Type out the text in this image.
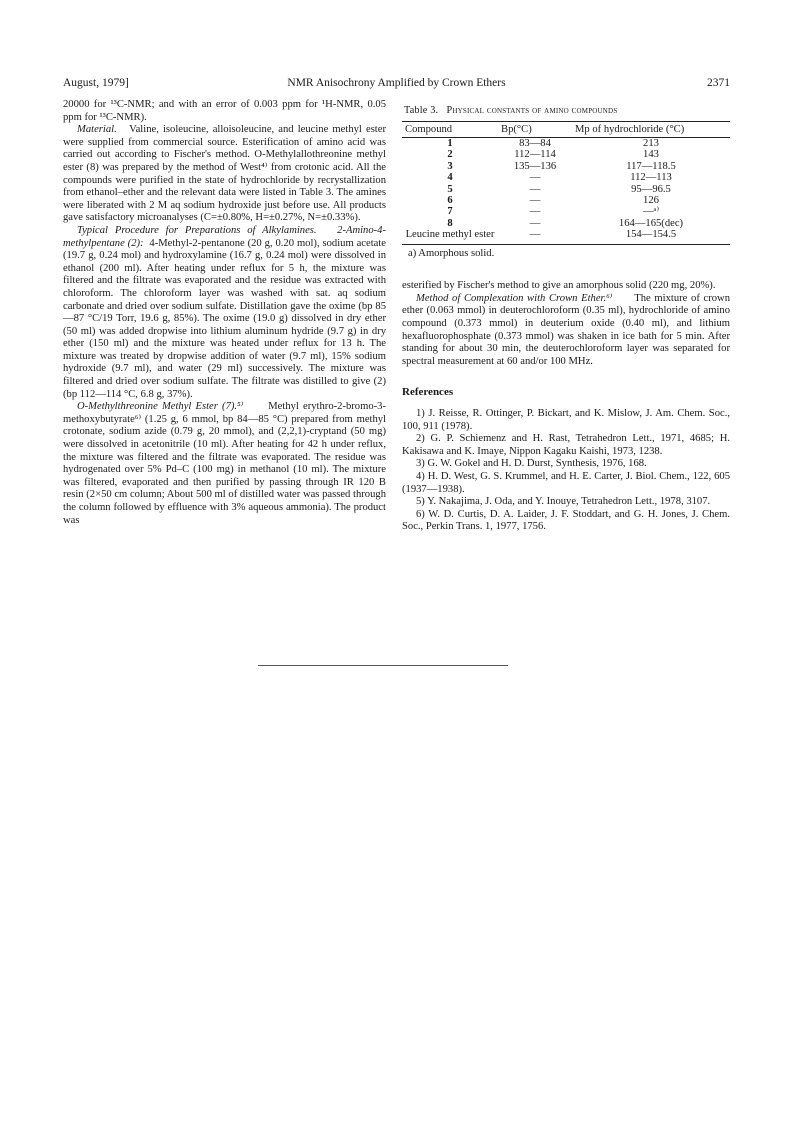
August, 1979]	NMR Anisochrony Amplified by Crown Ethers	2371

20000 for ¹³C-NMR; and with an error of 0.003 ppm for ¹H-NMR, 0.05 ppm for ¹³C-NMR).

Material. Valine, isoleucine, alloisoleucine, and leucine methyl ester were supplied from commercial source. Esterification of amino acid was carried out according to Fischer's method. O-Methylallothreonine methyl ester (8) was prepared by the method of West⁴⁾ from crotonic acid. All the compounds were purified in the state of hydrochloride by recrystallization from ethanol–ether and the relevant data were listed in Table 3. The amines were liberated with 2 M aq sodium hydroxide just before use. All products gave satisfactory microanalyses (C=±0.80%, H=±0.27%, N=±0.33%).

Typical Procedure for Preparations of Alkylamines. 2-Amino-4-methylpentane (2): 4-Methyl-2-pentanone (20 g, 0.20 mol), sodium acetate (19.7 g, 0.24 mol) and hydroxylamine (16.7 g, 0.24 mol) were dissolved in ethanol (200 ml). After heating under reflux for 5 h, the mixture was filtered and the filtrate was evaporated and the residue was extracted with chloroform. The chloroform layer was washed with sat. aq sodium carbonate and dried over sodium sulfate. Distillation gave the oxime (bp 85—87 °C/19 Torr, 19.6 g, 85%). The oxime (19.0 g) dissolved in dry ether (50 ml) was added dropwise into lithium aluminum hydride (9.7 g) in dry ether (150 ml) and the mixture was heated under reflux for 13 h. The mixture was treated by dropwise addition of water (9.7 ml), 15% sodium hydroxide (9.7 ml), and water (29 ml) successively. The mixture was filtered and dried over sodium sulfate. The filtrate was distilled to give (2) (bp 112—114 °C, 6.8 g, 37%).

O-Methylthreonine Methyl Ester (7).⁵⁾ Methyl erythro-2-bromo-3-methoxybutyrate⁶⁾ (1.25 g, 6 mmol, bp 84—85 °C) prepared from methyl crotonate, sodium azide (0.79 g, 20 mmol), and (2,2,1)-cryptand (50 mg) were dissolved in acetonitrile (10 ml). After heating for 42 h under reflux, the mixture was filtered and the filtrate was evaporated. The residue was hydrogenated over 5% Pd–C (100 mg) in methanol (10 ml). The mixture was filtered, evaporated and then purified by passing through IR 120 B resin (2×50 cm column; About 500 ml of distilled water was passed through the column followed by effluence with 3% aqueous ammonia). The product was

Table 3. Physical constants of amino compounds
Compound	Bp(°C)	Mp of hydrochloride (°C)
1	83—84	213
2	112—114	143
3	135—136	117—118.5
4	—	112—113
5	—	95—96.5
6	—	126
7	—	—ᵃ⁾
8	—	164—165(dec)
Leucine methyl ester	—	154—154.5

a) Amorphous solid.

esterified by Fischer's method to give an amorphous solid (220 mg, 20%).

Method of Complexation with Crown Ether.⁶⁾ The mixture of crown ether (0.063 mmol) in deuterochloroform (0.35 ml), hydrochloride of amino compound (0.373 mmol) in deuterium oxide (0.40 ml), and lithium hexafluorophosphate (0.373 mmol) was shaken in ice bath for 5 min. After standing for about 30 min, the deuterochloroform layer was separated for spectral measurement at 60 and/or 100 MHz.

References

1) J. Reisse, R. Ottinger, P. Bickart, and K. Mislow, J. Am. Chem. Soc., 100, 911 (1978).

2) G. P. Schiemenz and H. Rast, Tetrahedron Lett., 1971, 4685; H. Kakisawa and K. Imaye, Nippon Kagaku Kaishi, 1973, 1238.

3) G. W. Gokel and H. D. Durst, Synthesis, 1976, 168.

4) H. D. West, G. S. Krummel, and H. E. Carter, J. Biol. Chem., 122, 605 (1937—1938).

5) Y. Nakajima, J. Oda, and Y. Inouye, Tetrahedron Lett., 1978, 3107.

6) W. D. Curtis, D. A. Laider, J. F. Stoddart, and G. H. Jones, J. Chem. Soc., Perkin Trans. 1, 1977, 1756.
